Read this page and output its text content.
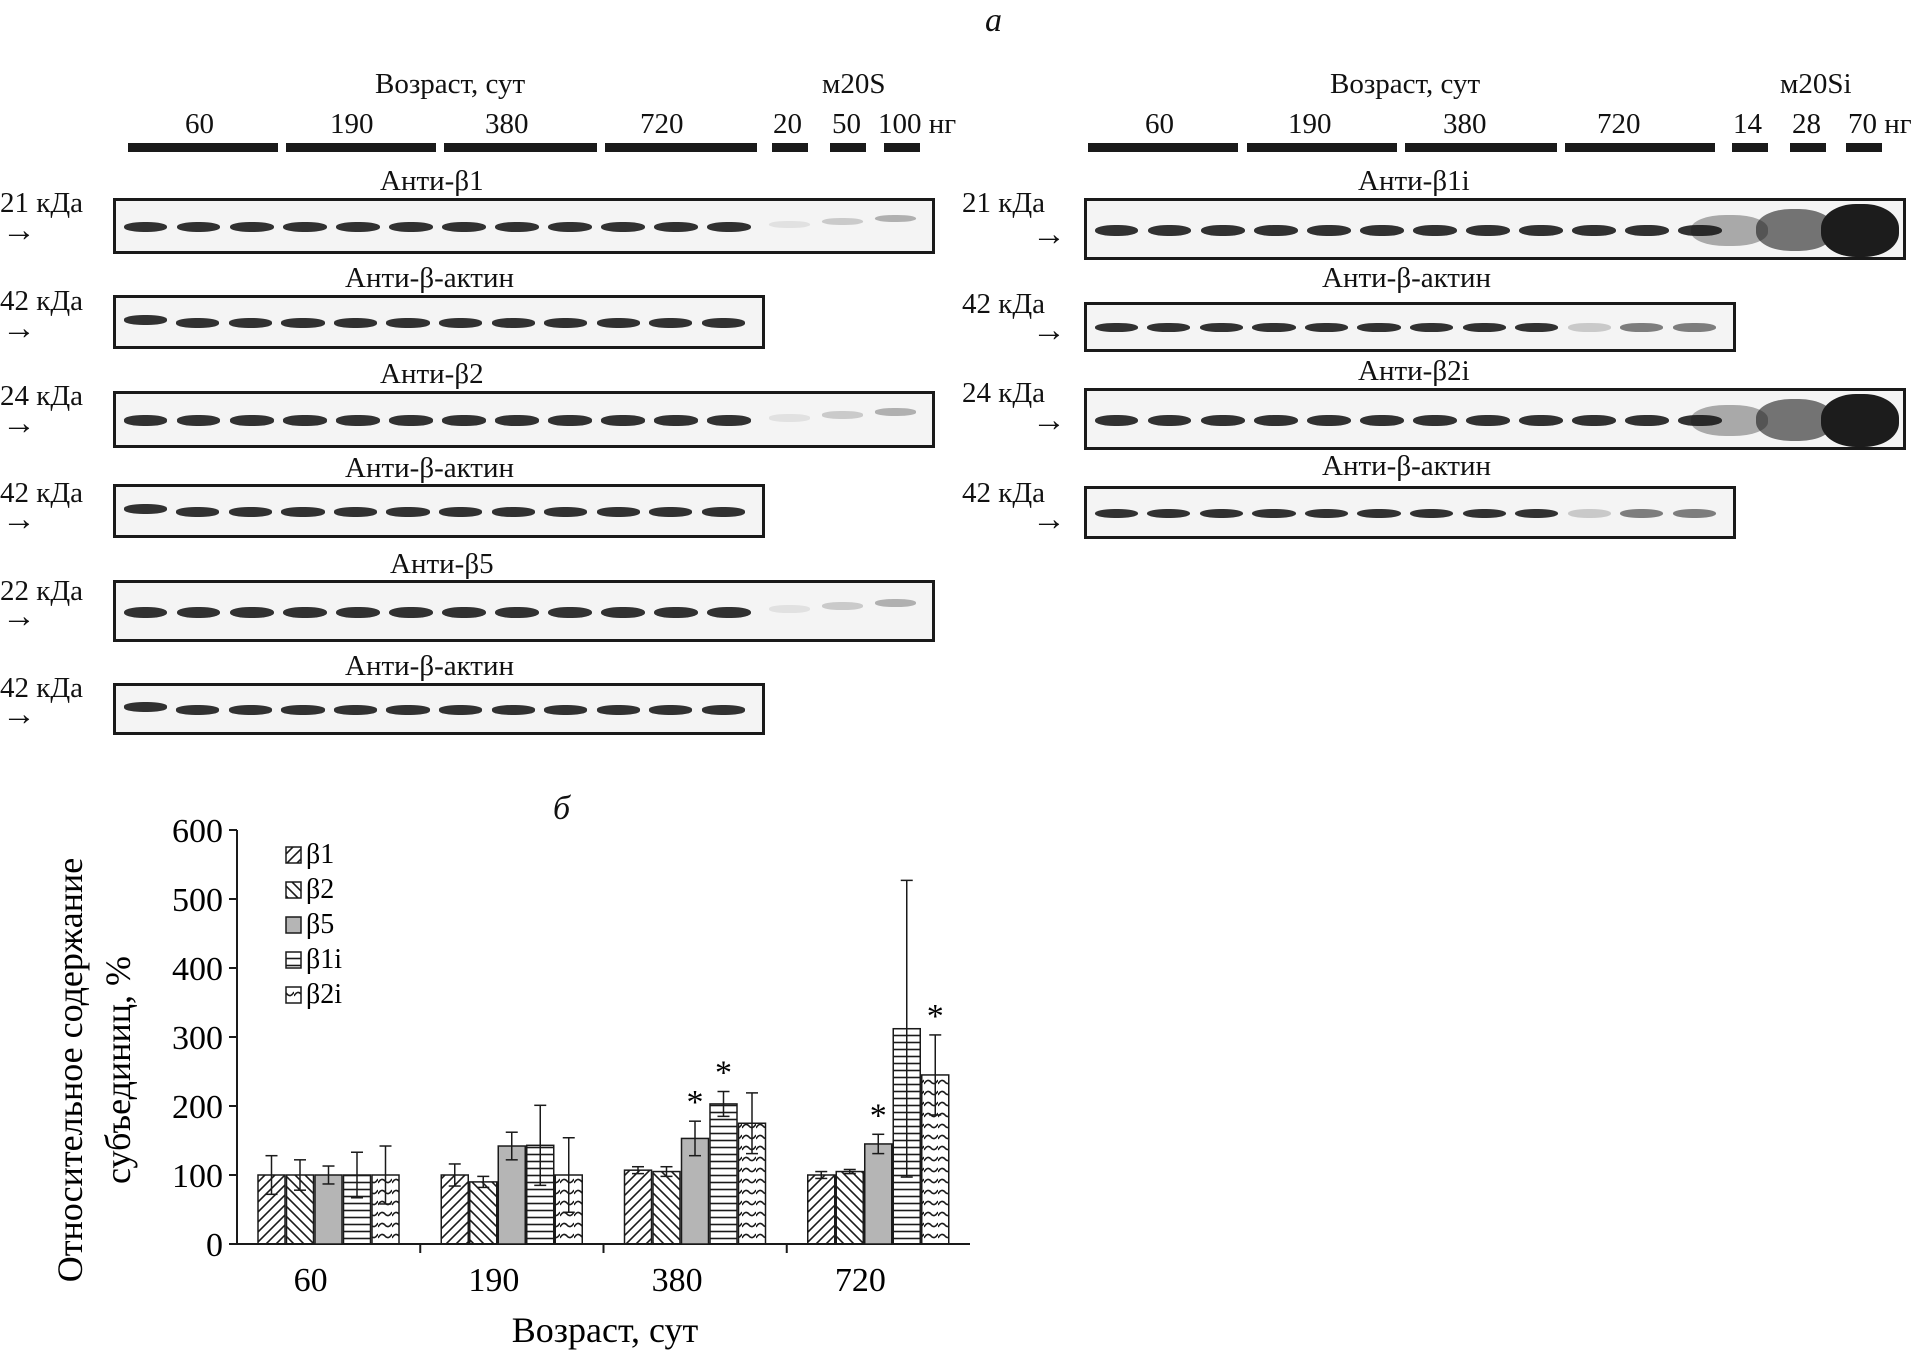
а
Возраст, сут	м20S
60	190	380	720	20 50 100 нг
Анти-β1
21 кДа
→
Анти-β-актин
42 кДа
→
Анти-β2
24 кДа
→
Анти-β-актин
42 кДа
→
Анти-β5
22 кДа
→
Анти-β-актин
42 кДа
→
Возраст, сут	м20Si
60	190	380	720	14 28 70 нг
Анти-β1i
21 кДа
→
Анти-β-актин
42 кДа
→
Анти-β2i
24 кДа
→
Анти-β-актин
42 кДа
→
б
0
100
200
300
400
500
600
60	190	380	720
*
*
*
*
β1
β2
β5
β1i
β2i
Относительное содержание субъединиц, %
Возраст, сут
